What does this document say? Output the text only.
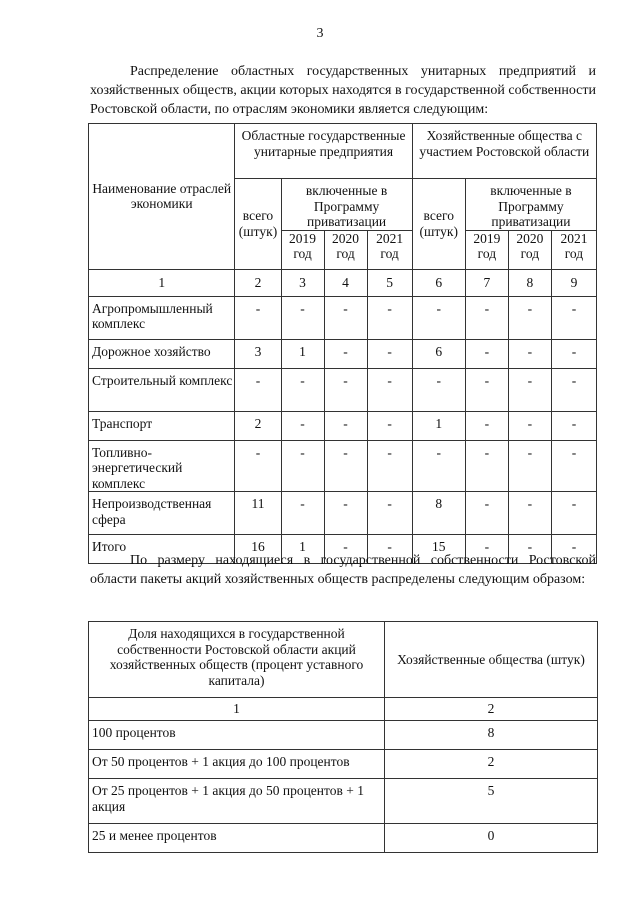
3
Распределение областных государственных унитарных предприятий и хозяйственных обществ, акции которых находятся в государственной собственности Ростовской области, по отраслям экономики является следующим:
Наименование отраслей экономики	Областные государственные унитарные предприятия				Хозяйственные общества с участием Ростовской области			
	всего (штук)	включенные в Программу приватизации			всего (штук)	включенные в Программу приватизации		
		2019 год	2020 год	2021 год		2019 год	2020 год	2021 год
1	2	3	4	5	6	7	8	9
Агропромышленный комплекс	-	-	-	-	-	-	-	-
Дорожное хозяйство	3	1	-	-	6	-	-	-
Строительный комплекс	-	-	-	-	-	-	-	-
Транспорт	2	-	-	-	1	-	-	-
Топливно-энергетический комплекс	-	-	-	-	-	-	-	-
Непроизводственная сфера	11	-	-	-	8	-	-	-
Итого	16	1	-	-	15	-	-	-
По размеру находящиеся в государственной собственности Ростовской области пакеты акций хозяйственных обществ распределены следующим образом:
Доля находящихся в государственной собственности Ростовской области акций хозяйственных обществ (процент уставного капитала)	Хозяйственные общества (штук)
1	2
100 процентов	8
От 50 процентов + 1 акция до 100 процентов	2
От 25 процентов + 1 акция до 50 процентов + 1 акция	5
25 и менее процентов	0
